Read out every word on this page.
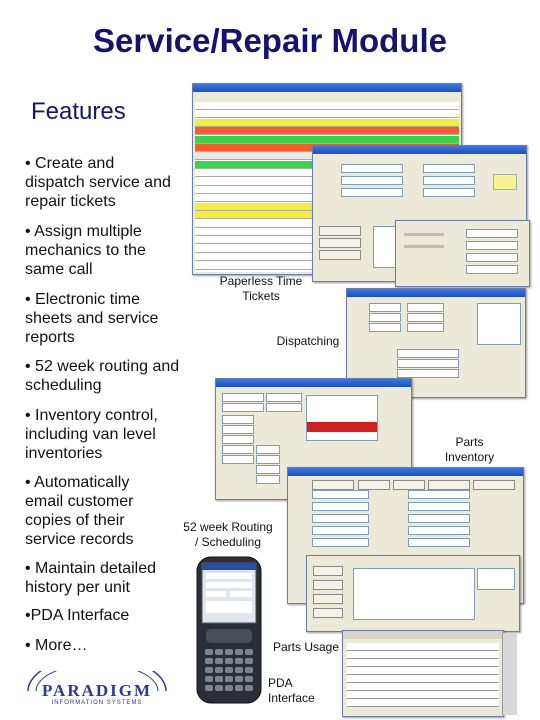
Service/Repair Module
Features
• Create and dispatch service and repair tickets
• Assign multiple mechanics to the same call
• Electronic time sheets and service reports
• 52 week routing and scheduling
• Inventory control, including van level inventories
• Automatically email customer copies of their service records
• Maintain detailed history per unit
•PDA Interface
• More…
Paperless Time Tickets
Dispatching
Parts Inventory
52 week Routing / Scheduling
Parts Usage
PDA Interface
PARADIGM
INFORMATION SYSTEMS
